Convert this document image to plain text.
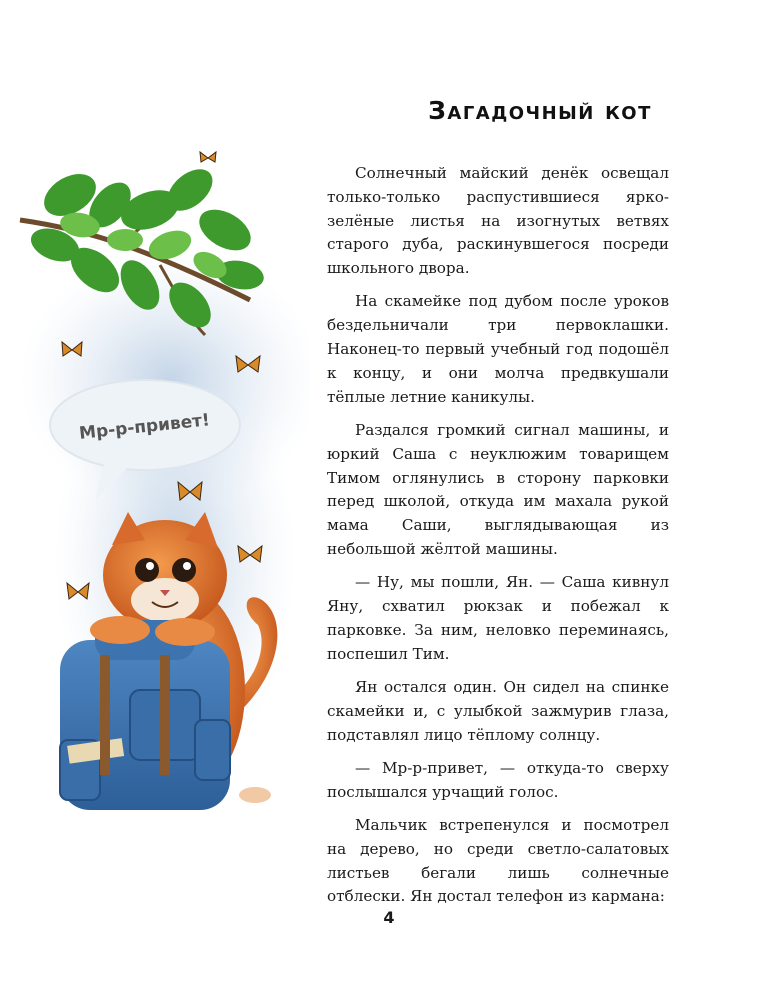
Мр-р-привет!
Загадочный кот

Солнечный майский денёк освещал только-только распустившиеся ярко-зелёные листья на изогнутых ветвях старого дуба, раскинувшегося посреди школьного двора.

На скамейке под дубом после уроков бездельничали три первоклашки. Наконец-то первый учебный год подошёл к концу, и они молча предвкушали тёплые летние каникулы.

Раздался громкий сигнал машины, и юркий Саша с неуклюжим товарищем Тимом оглянулись в сторону парковки перед школой, откуда им махала рукой мама Саши, выглядывающая из небольшой жёлтой машины.

— Ну, мы пошли, Ян. — Саша кивнул Яну, схватил рюкзак и побежал к парковке. За ним, неловко переминаясь, поспешил Тим.

Ян остался один. Он сидел на спинке скамейки и, с улыбкой зажмурив глаза, подставлял лицо тёплому солнцу.

— Мр-р-привет, — откуда-то сверху послышался урчащий голос.

Мальчик встрепенулся и посмотрел на дерево, но среди светло-салатовых листьев бегали лишь солнечные отблески. Ян достал телефон из кармана:

4
